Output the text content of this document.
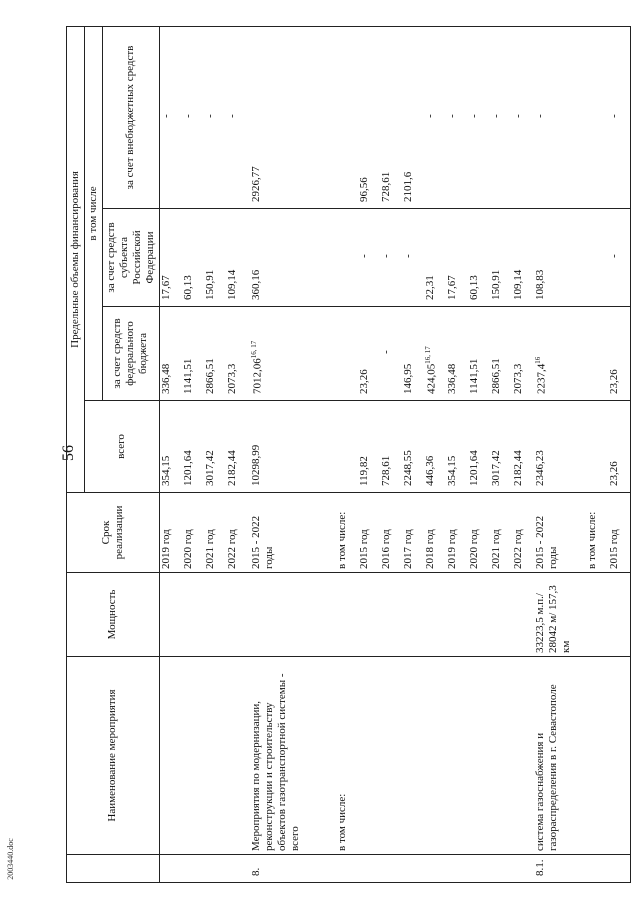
56
	Наименование мероприятия	Мощность	Срок реализации	Предельные объемы финансирования			
				всего	в том числе		
					за счет средств федерального бюджета	за счет средств субъекта Российской Федерации	за счет внебюджетных средств
			2019 год	354,15	336,48	17,67	-
			2020 год	1201,64	1141,51	60,13	-
			2021 год	3017,42	2866,51	150,91	-
			2022 год	2182,44	2073,3	109,14	-
8.	Мероприятия по модернизации, реконструкции и строительству объектов газотранспортной системы - всего		2015 - 2022 годы	10298,99	7012,06$^{16, 17}$	360,16	2926,77
	в том числе:		в том числе:				
			2015 год	119,82	23,26	-	96,56
			2016 год	728,61	-	-	728,61
			2017 год	2248,55	146,95	-	2101,6
			2018 год	446,36	424,05$^{16, 17}$	22,31	-
			2019 год	354,15	336,48	17,67	-
			2020 год	1201,64	1141,51	60,13	-
			2021 год	3017,42	2866,51	150,91	-
			2022 год	2182,44	2073,3	109,14	-
8.1.	система газоснабжения и газораспределения в г. Севастополе	33223,5 м.п./ 28042 м/ 157,3 км	2015 - 2022 годы	2346,23	2237,4$^{16}$	108,83	-
			в том числе:				
			2015 год	23,26	23,26	-	-
2003440.doc
